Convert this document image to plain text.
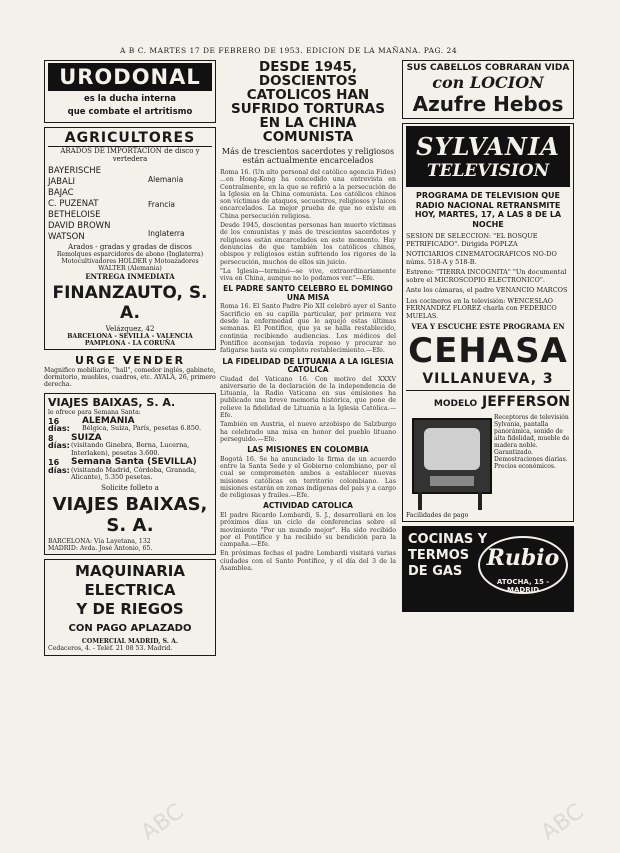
A B C. MARTES 17 DE FEBRERO DE 1953. EDICION DE LA MAÑANA. PAG. 24
URODONAL
es la ducha interna
que combate el artritismo
AGRICULTORES
ARADOS DE IMPORTACION de disco y vertedera
BAYERISCHE
JABALI
BAJAC
C. PUZENAT
BETHELOISE
DAVID BROWN
WATSON
Alemania
Francia
Inglaterra
Arados - gradas y gradas de discos
Remolques esparcidores de abono (Inglaterra)
Motocultivadores HOLDER y Motoazadores WALTER (Alemania)
ENTREGA INMEDIATA
FINANZAUTO, S. A.
Velázquez, 42
BARCELONA - SEVILLA - VALENCIA PAMPLONA - LA CORUÑA
URGE VENDER
Magnifico mobiliario, "hall", comedor inglés, gabinete, dormitorio, muebles, cuadros, etc. AYALA, 26, primero derecha.
VIAJES BAIXAS, S. A.
le ofrece para Semana Santa:
16 días:
ALEMANIA
Bélgica, Suiza, París, pesetas 6.850.
8 días:
SUIZA
(visitando Ginebra, Berna, Lucerna, Interlaken), pesetas 3.600.
16 días:
Semana Santa (SEVILLA)
(visitando Madrid, Córdoba, Granada, Alicante), 5.350 pesetas.
Solicite folleto a
VIAJES BAIXAS, S. A.
BARCELONA: Vía Layetana, 132
MADRID: Avda. José Antonio, 65.
MAQUINARIA ELECTRICA
Y DE RIEGOS
CON PAGO APLAZADO
COMERCIAL MADRID, S. A.
Cedaceros, 4. - Teléf. 21 08 53. Madrid.
DESDE 1945, DOSCIENTOS CATOLICOS HAN SUFRIDO TORTURAS EN LA CHINA COMUNISTA
Más de trescientos sacerdotes y religiosos están actualmente encarcelados

Roma 16. (Un alto personal del católico agencia Fides) ...en Hong-Kong ha concedido una entrevista en Centralmente, en la que se refirió a la persecución de la Iglesia en la China comunista. Los católicos chinos son víctimas de ataques, secuestros, religiosos y laicos encarcelados. La mejor prueba de que no existe en China persecución religiosa.

Desde 1945, doscientas personas han muerto víctimas de los comunistas y más de trescientos sacerdotes y religiosos están encarcelados en este momento. Hay denuncias de que también los católicos chinos, obispos y religiosos están sufriendo los rigores de la persecución, muchos de ellos sin juicio.

"La Iglesia—terminó—se vive, extraordinariamente viva en China, aunque no lo podamos ver."—Efe.

EL PADRE SANTO CELEBRO EL DOMINGO UNA MISA

Roma 16. El Santo Padre Pío XII celebró ayer el Santo Sacrificio en su capilla particular, por primera vez desde la enfermedad que le aquejó estas últimas semanas. El Pontífice, que ya se halla restablecido, continúa recibiendo audiencias. Los médicos del Pontífice aconsejan todavía reposo y procurar no fatigarse hasta su completo restablecimiento.—Efe.

LA FIDELIDAD DE LITUANIA A LA IGLESIA CATOLICA

Ciudad del Vaticano 16. Con motivo del XXXV aniversario de la declaración de la independencia de Lituania, la Radio Vaticana en sus emisiones ha publicado una breve memoria histórica, que pone de relieve la fidelidad de Lituania a la Iglesia Católica.—Efe.

También en Austria, el nuevo arzobispo de Salzburgo ha celebrado una misa en honor del pueblo lituano perseguido.—Efe.

LAS MISIONES EN COLOMBIA

Bogotá 16. Se ha anunciado la firma de un acuerdo entre la Santa Sede y el Gobierno colombiano, por el cual se comprometen ambos a establecer nuevas misiones católicas en territorio colombiano. Las misiones estarán en zonas indígenas del país y a cargo de religiosas y frailes.—Efe.

ACTIVIDAD CATOLICA

El padre Ricardo Lombardi, S. J., desarrollará en los próximos días un ciclo de conferencias sobre el movimiento "Por un mundo mejor". Ha sido recibido por el Pontífice y ha recibido su bendición para la campaña.—Efe.

En próximas fechas el padre Lombardi visitará varias ciudades con el Santo Pontífice, y el día del 3 de la Asamblea.

SUS CABELLOS COBRARAN VIDA
con LOCION
Azufre Hebos
SYLVANIA
TELEVISION
PROGRAMA DE TELEVISION QUE RADIO NACIONAL RETRANSMITE HOY, MARTES, 17, A LAS 8 DE LA NOCHE
SESION DE SELECCION: "EL BOSQUE PETRIFICADO". Dirigida POPLZA
NOTICIARIOS CINEMATOGRAFICOS NO-DO núms. 518-A y 518-B.
Estreno: "TIERRA INCOGNITA" "Un documental sobre el MICROSCOPIO ELECTRONICO".
Ante los cámaras, el padre VENANCIO MARCOS
Los cocineros en la televisión: WENCESLAO FERNANDEZ FLOREZ charla con FEDERICO MUELAS.
VEA Y ESCUCHE ESTE PROGRAMA EN
CEHASA
VILLANUEVA, 3
MODELO JEFFERSON
Receptores de televisión Sylvania, pantalla panorámica, sonido de alta fidelidad, mueble de madera noble. Garantizado. Demostraciones diarias. Precios económicos.
Facilidades de pago
COCINAS Y
TERMOS
DE GAS
Rubio
ATOCHA, 15 - MADRID
ABC	ABC
